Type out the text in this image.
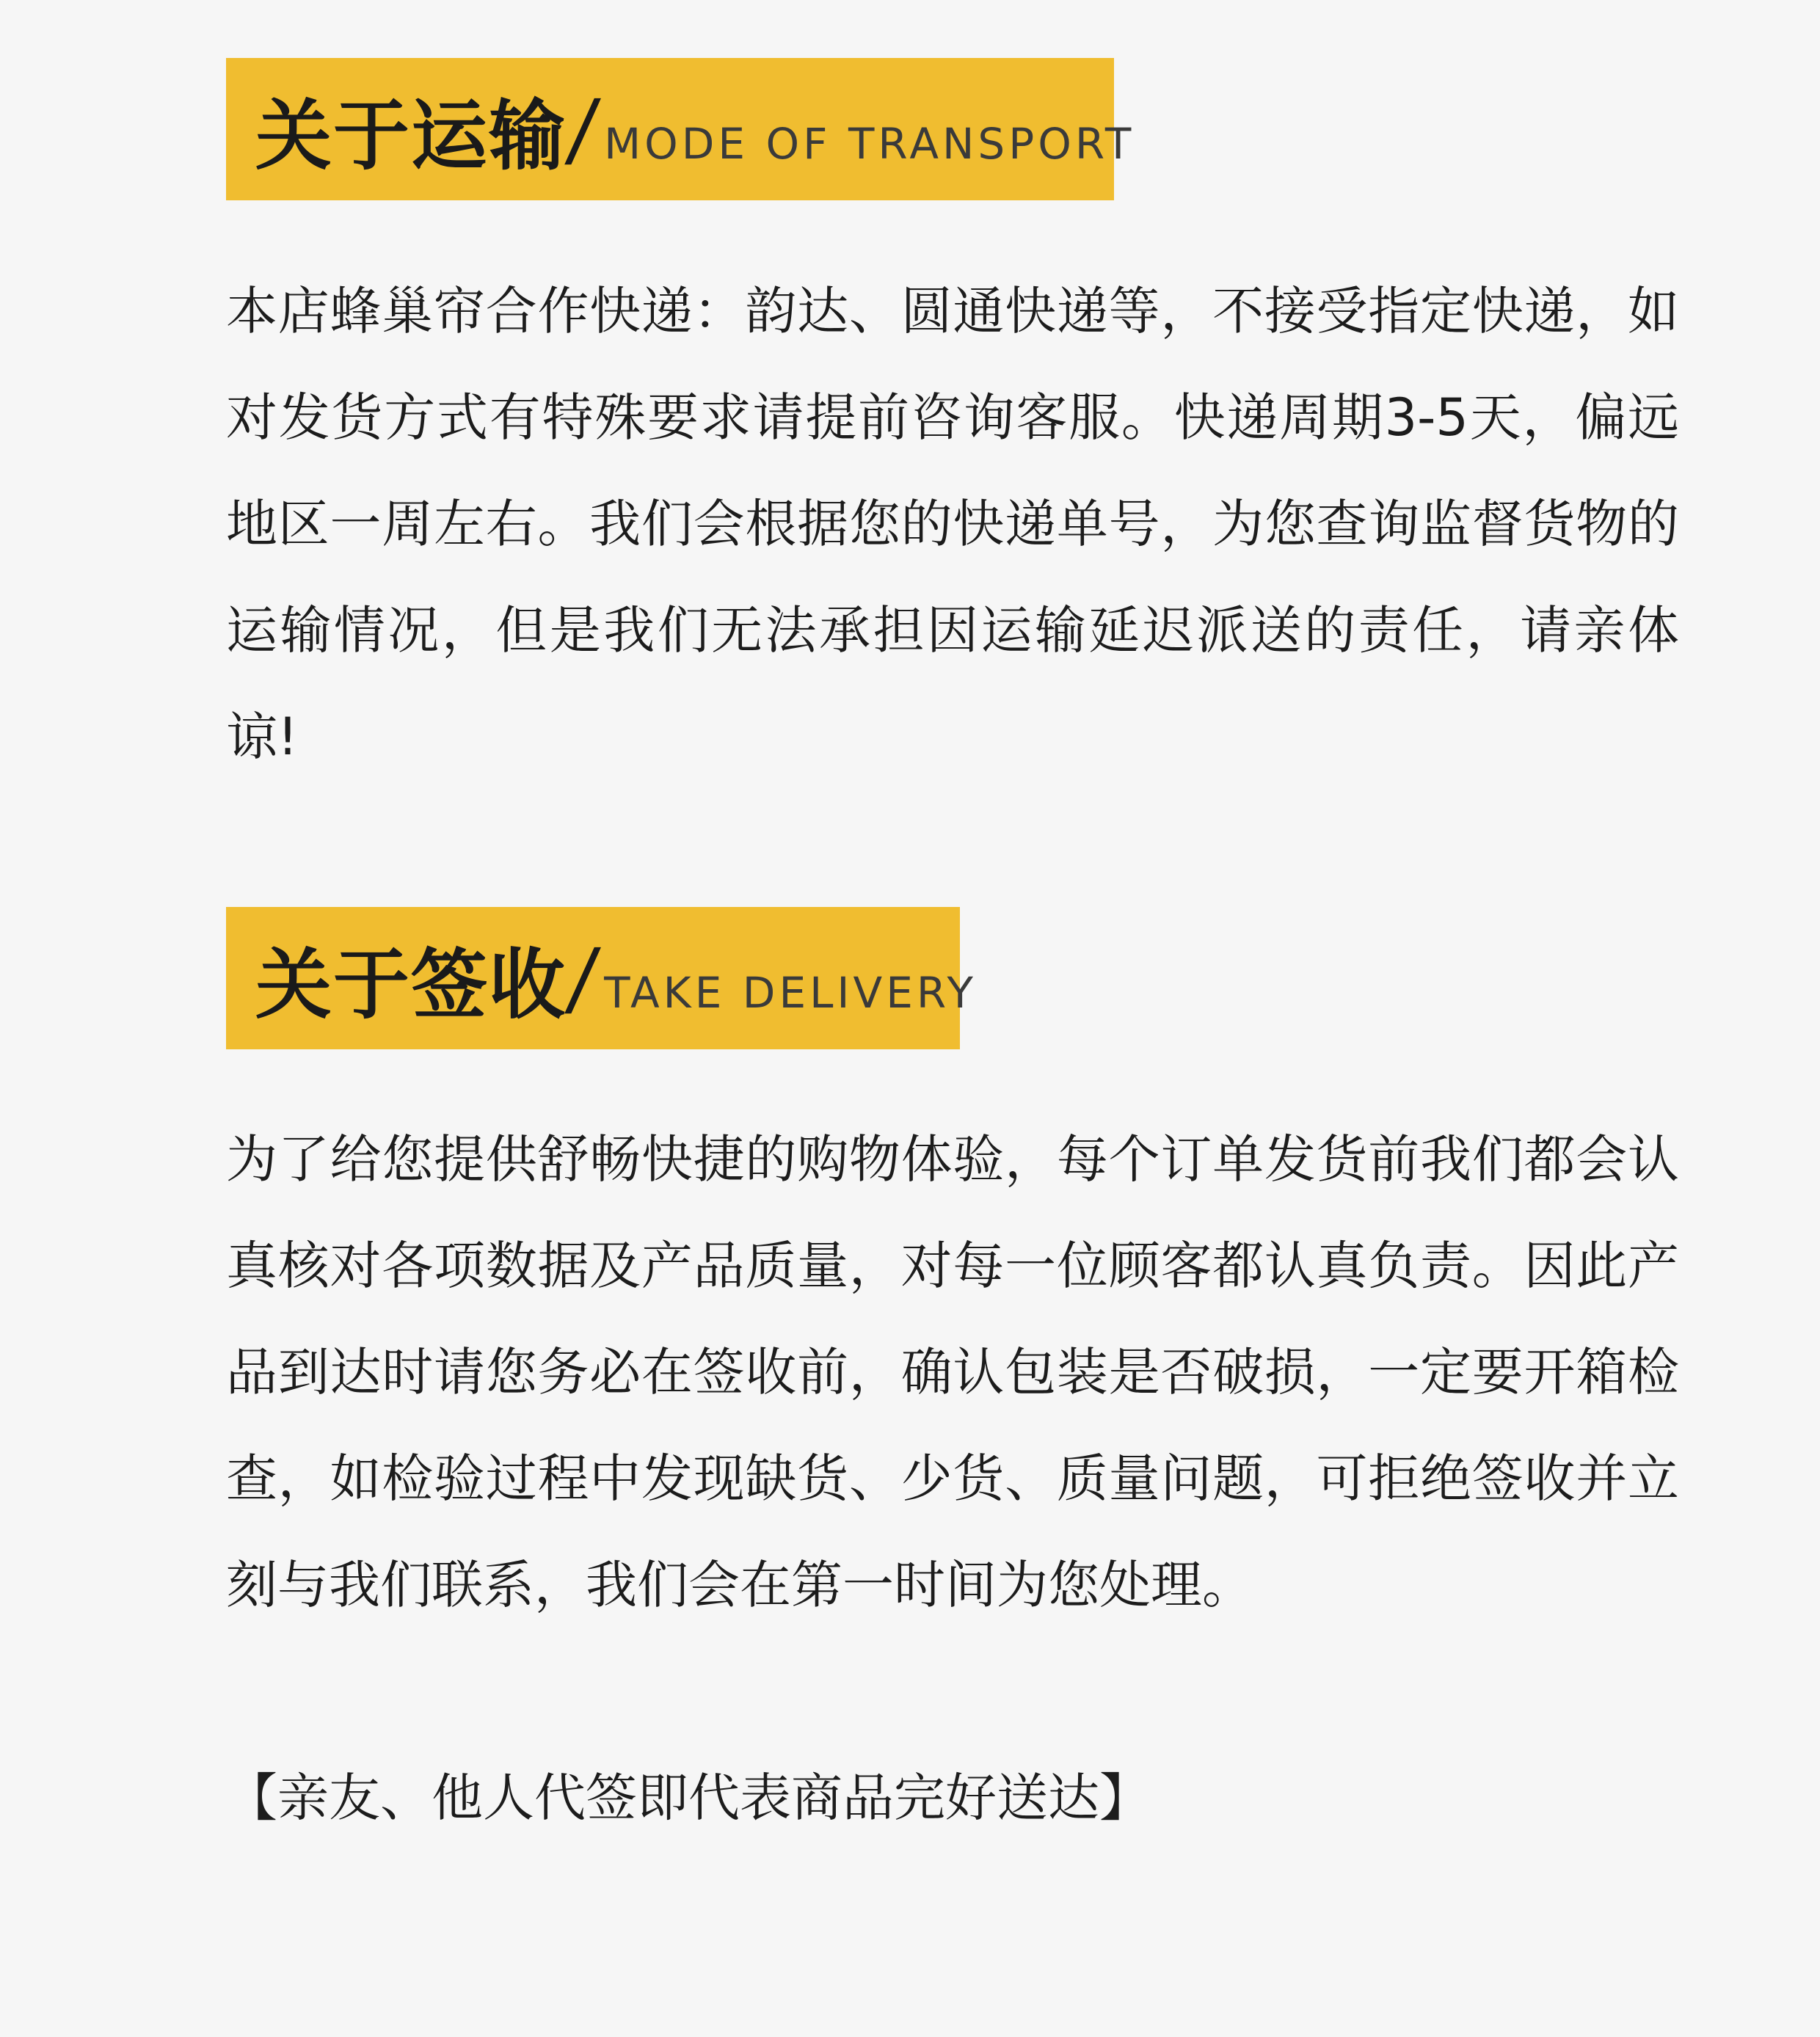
关于运输
/ MODE OF TRANSPORT

本店蜂巢帘合作快递：韵达、圆通快递等，不接受指定快递，如对发货方式有特殊要求请提前咨询客服。快递周期3-5天，偏远地区一周左右。我们会根据您的快递单号，为您查询监督货物的运输情况，但是我们无法承担因运输延迟派送的责任，请亲体谅!

关于签收
/ TAKE DELIVERY

为了给您提供舒畅快捷的购物体验，每个订单发货前我们都会认真核对各项数据及产品质量，对每一位顾客都认真负责。因此产品到达时请您务必在签收前，确认包装是否破损，一定要开箱检查，如检验过程中发现缺货、少货、质量问题，可拒绝签收并立刻与我们联系，我们会在第一时间为您处理。

【亲友、他人代签即代表商品完好送达】
